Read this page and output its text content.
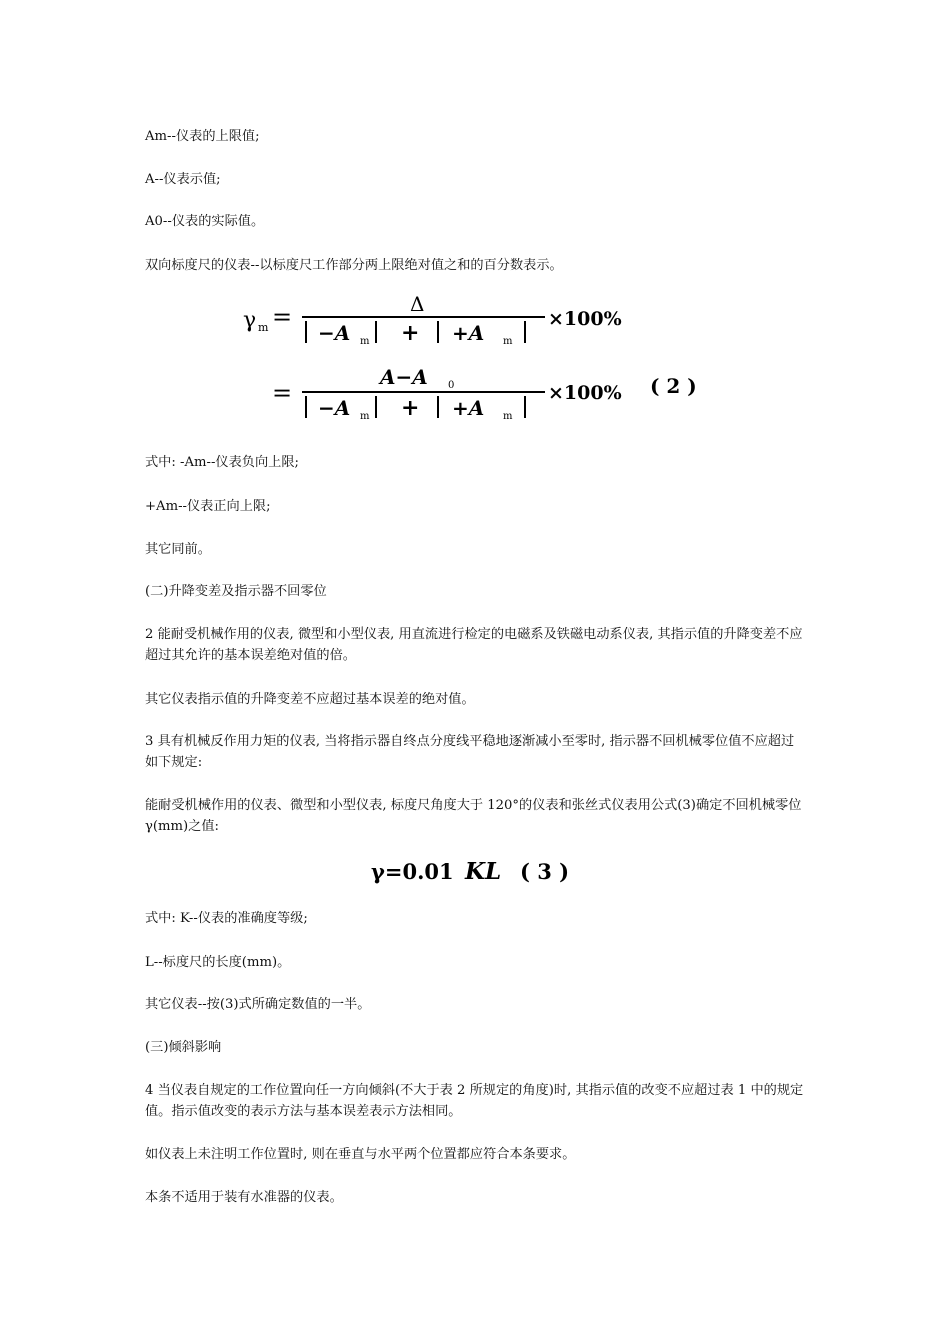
Am--仪表的上限值;

A--仪表示值;

A0--仪表的实际值。

双向标度尺的仪表--以标度尺工作部分两上限绝对值之和的百分数表示。

γ m =	Δ
−A m + +A m
×100%
=
A−A 0
−A m + +A m
×100% ( 2 )

式中: -Am--仪表负向上限;

+Am--仪表正向上限;

其它同前。

(二)升降变差及指示器不回零位

2 能耐受机械作用的仪表, 微型和小型仪表, 用直流进行检定的电磁系及铁磁电动系仪表, 其指示值的升降变差不应超过其允许的基本误差绝对值的倍。

其它仪表指示值的升降变差不应超过基本误差的绝对值。

3 具有机械反作用力矩的仪表, 当将指示器自终点分度线平稳地逐渐减小至零时, 指示器不回机械零位值不应超过如下规定:

能耐受机械作用的仪表、微型和小型仪表, 标度尺角度大于 120°的仪表和张丝式仪表用公式(3)确定不回机械零位 γ(mm)之值:

γ=0.01 KL ( 3 )

式中: K--仪表的准确度等级;

L--标度尺的长度(mm)。

其它仪表--按(3)式所确定数值的一半。

(三)倾斜影响

4 当仪表自规定的工作位置向任一方向倾斜(不大于表 2 所规定的角度)时, 其指示值的改变不应超过表 1 中的规定值。指示值改变的表示方法与基本误差表示方法相同。

如仪表上未注明工作位置时, 则在垂直与水平两个位置都应符合本条要求。

本条不适用于装有水准器的仪表。
